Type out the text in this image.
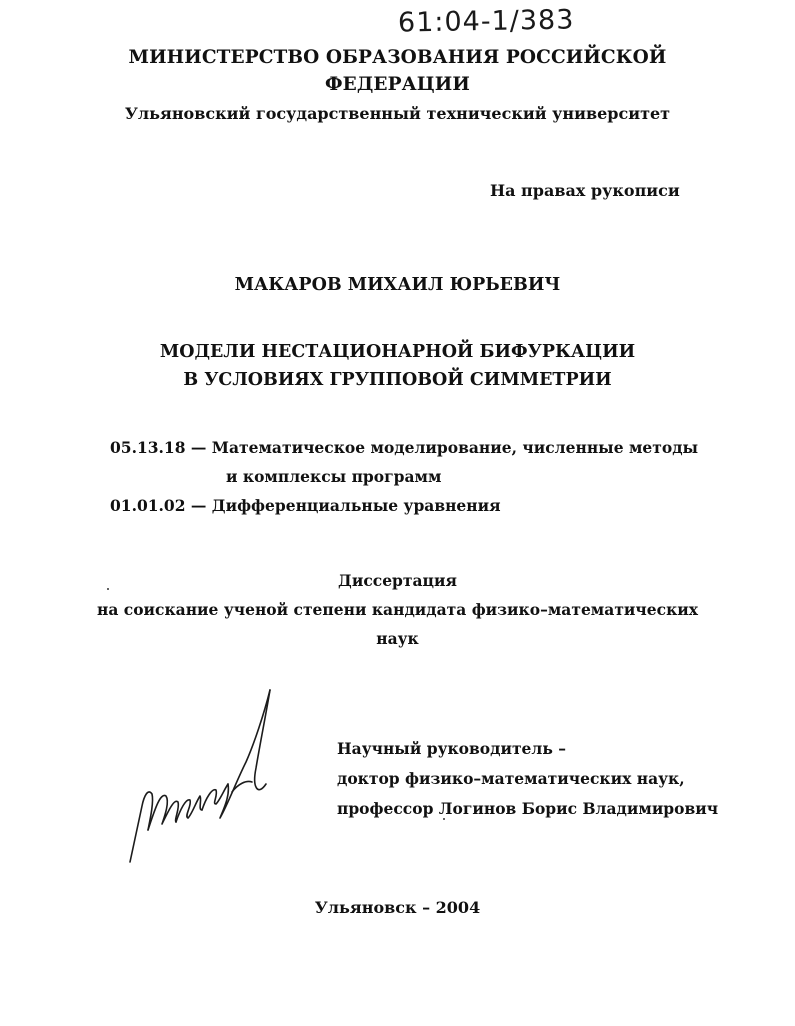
61:04-1/383
МИНИСТЕРСТВО ОБРАЗОВАНИЯ РОССИЙСКОЙ
ФЕДЕРАЦИИ
Ульяновский государственный технический университет
На правах рукописи
МАКАРОВ МИХАИЛ ЮРЬЕВИЧ
МОДЕЛИ НЕСТАЦИОНАРНОЙ БИФУРКАЦИИ
В УСЛОВИЯХ ГРУППОВОЙ СИММЕТРИИ
05.13.18 — Математическое моделирование, численные методы
и комплексы программ
01.01.02 — Дифференциальные уравнения
Диссертация
на соискание ученой степени кандидата физико–математических
наук
Научный руководитель –
доктор физико–математических наук,
профессор Логинов Борис Владимирович
Ульяновск – 2004
